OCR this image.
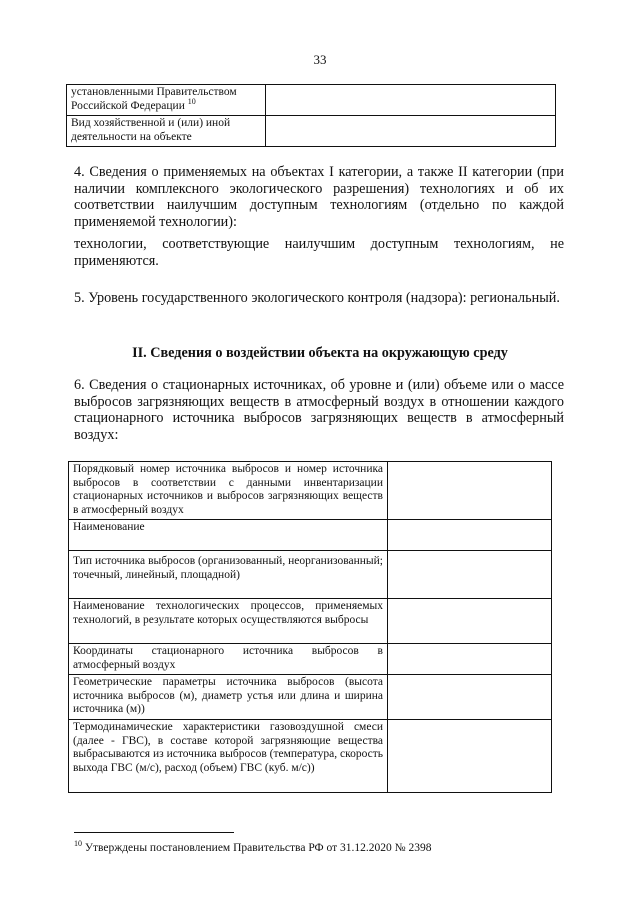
33
установленными Правительством Российской Федерации $^{10}$	
Вид хозяйственной и (или) иной деятельности на объекте	

4. Сведения о применяемых на объектах I категории, а также II категории (при наличии комплексного экологического разрешения) технологиях и об их соответствии наилучшим доступным технологиям (отдельно по каждой применяемой технологии):

технологии, соответствующие наилучшим доступным технологиям, не применяются.

5. Уровень государственного экологического контроля (надзора): региональный.

II. Сведения о воздействии объекта на окружающую среду

6. Сведения о стационарных источниках, об уровне и (или) объеме или о массе выбросов загрязняющих веществ в атмосферный воздух в отношении каждого стационарного источника выбросов загрязняющих веществ в атмосферный воздух:

Порядковый номер источника выбросов и номер источника выбросов в соответствии с данными инвентаризации стационарных источников и выбросов загрязняющих веществ в атмосферный воздух	
Наименование	
Тип источника выбросов (организованный, неорганизованный; точечный, линейный, площадной)	
Наименование технологических процессов, применяемых технологий, в результате которых осуществляются выбросы	
Координаты стационарного источника выбросов в атмосферный воздух	
Геометрические параметры источника выбросов (высота источника выбросов (м), диаметр устья или длина и ширина источника (м))	
Термодинамические характеристики газовоздушной смеси (далее - ГВС), в составе которой загрязняющие вещества выбрасываются из источника выбросов (температура, скорость выхода ГВС (м/с), расход (объем) ГВС (куб. м/с))	
$^{10}$ Утверждены постановлением Правительства РФ от 31.12.2020 № 2398
